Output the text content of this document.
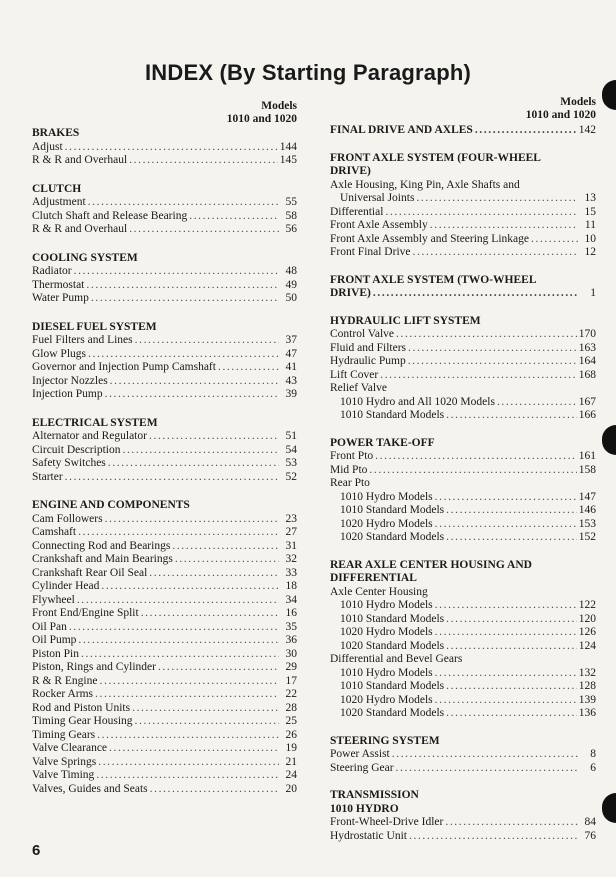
INDEX (By Starting Paragraph)
Models
1010 and 1020
BRAKES
Adjust .....	144
R & R and Overhaul .....	145
CLUTCH
Adjustment .....	55
Clutch Shaft and Release Bearing .....	58
R & R and Overhaul .....	56
COOLING SYSTEM
Radiator .....	48
Thermostat .....	49
Water Pump .....	50
DIESEL FUEL SYSTEM
Fuel Filters and Lines .....	37
Glow Plugs .....	47
Governor and Injection Pump Camshaft .....	41
Injector Nozzles .....	43
Injection Pump .....	39
ELECTRICAL SYSTEM
Alternator and Regulator .....	51
Circuit Description .....	54
Safety Switches .....	53
Starter .....	52
ENGINE AND COMPONENTS
Cam Followers .....	23
Camshaft .....	27
Connecting Rod and Bearings .....	31
Crankshaft and Main Bearings .....	32
Crankshaft Rear Oil Seal .....	33
Cylinder Head .....	18
Flywheel .....	34
Front End/Engine Split .....	16
Oil Pan .....	35
Oil Pump .....	36
Piston Pin .....	30
Piston, Rings and Cylinder .....	29
R & R Engine .....	17
Rocker Arms .....	22
Rod and Piston Units .....	28
Timing Gear Housing .....	25
Timing Gears .....	26
Valve Clearance .....	19
Valve Springs .....	21
Valve Timing .....	24
Valves, Guides and Seats .....	20
Models
1010 and 1020
FINAL DRIVE AND AXLES .....	142
FRONT AXLE SYSTEM (FOUR-WHEEL
DRIVE)
Axle Housing, King Pin, Axle Shafts and
Universal Joints .....	13
Differential .....	15
Front Axle Assembly .....	11
Front Axle Assembly and Steering Linkage .....	10
Front Final Drive .....	12
FRONT AXLE SYSTEM (TWO-WHEEL
DRIVE) .....	1
HYDRAULIC LIFT SYSTEM
Control Valve .....	170
Fluid and Filters .....	163
Hydraulic Pump .....	164
Lift Cover .....	168
Relief Valve
1010 Hydro and All 1020 Models .....	167
1010 Standard Models .....	166
POWER TAKE-OFF
Front Pto .....	161
Mid Pto .....	158
Rear Pto
1010 Hydro Models .....	147
1010 Standard Models .....	146
1020 Hydro Models .....	153
1020 Standard Models .....	152
REAR AXLE CENTER HOUSING AND
DIFFERENTIAL
Axle Center Housing
1010 Hydro Models .....	122
1010 Standard Models .....	120
1020 Hydro Models .....	126
1020 Standard Models .....	124
Differential and Bevel Gears
1010 Hydro Models .....	132
1010 Standard Models .....	128
1020 Hydro Models .....	139
1020 Standard Models .....	136
STEERING SYSTEM
Power Assist .....	8
Steering Gear .....	6
TRANSMISSION
1010 HYDRO
Front-Wheel-Drive Idler .....	84
Hydrostatic Unit .....	76
6
